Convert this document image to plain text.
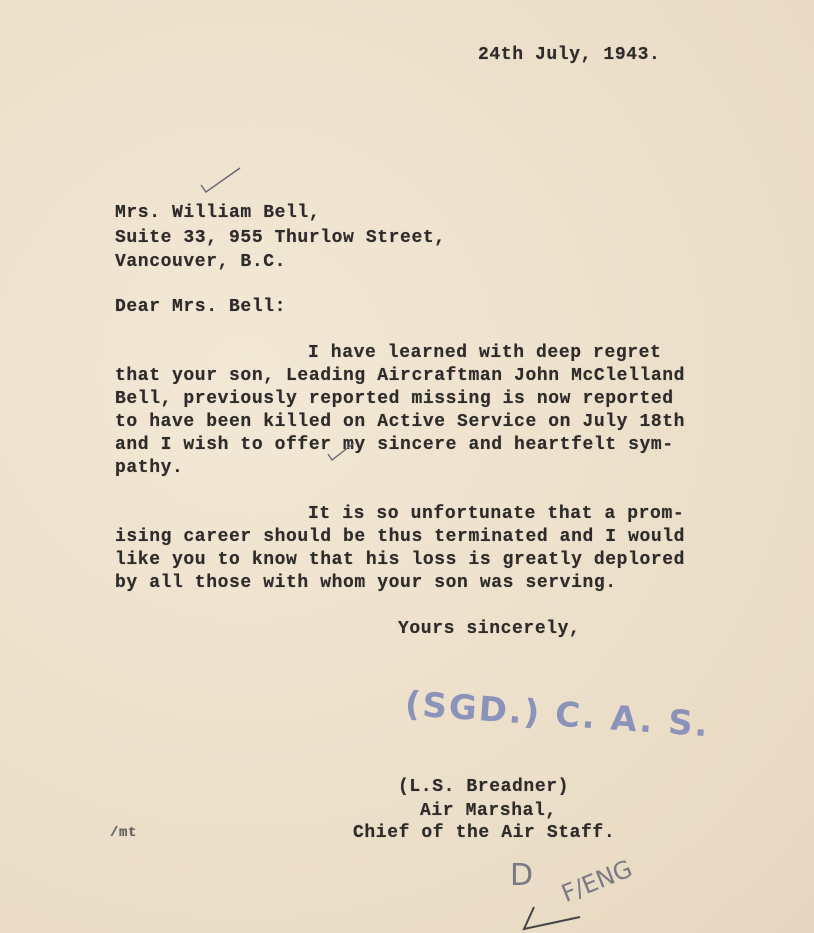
24th July, 1943.
Mrs. William Bell,
Suite 33, 955 Thurlow Street,
Vancouver, B.C.
Dear Mrs. Bell:
I have learned with deep regret
that your son, Leading Aircraftman John McClelland
Bell, previously reported missing is now reported
to have been killed on Active Service on July 18th
and I wish to offer my sincere and heartfelt sym-
pathy.
It is so unfortunate that a prom-
ising career should be thus terminated and I would
like you to know that his loss is greatly deplored
by all those with whom your son was serving.
Yours sincerely,
(SGD.) C. A. S.
(L.S. Breadner)
Air Marshal,
Chief of the Air Staff.
/mt
D F/ENG
